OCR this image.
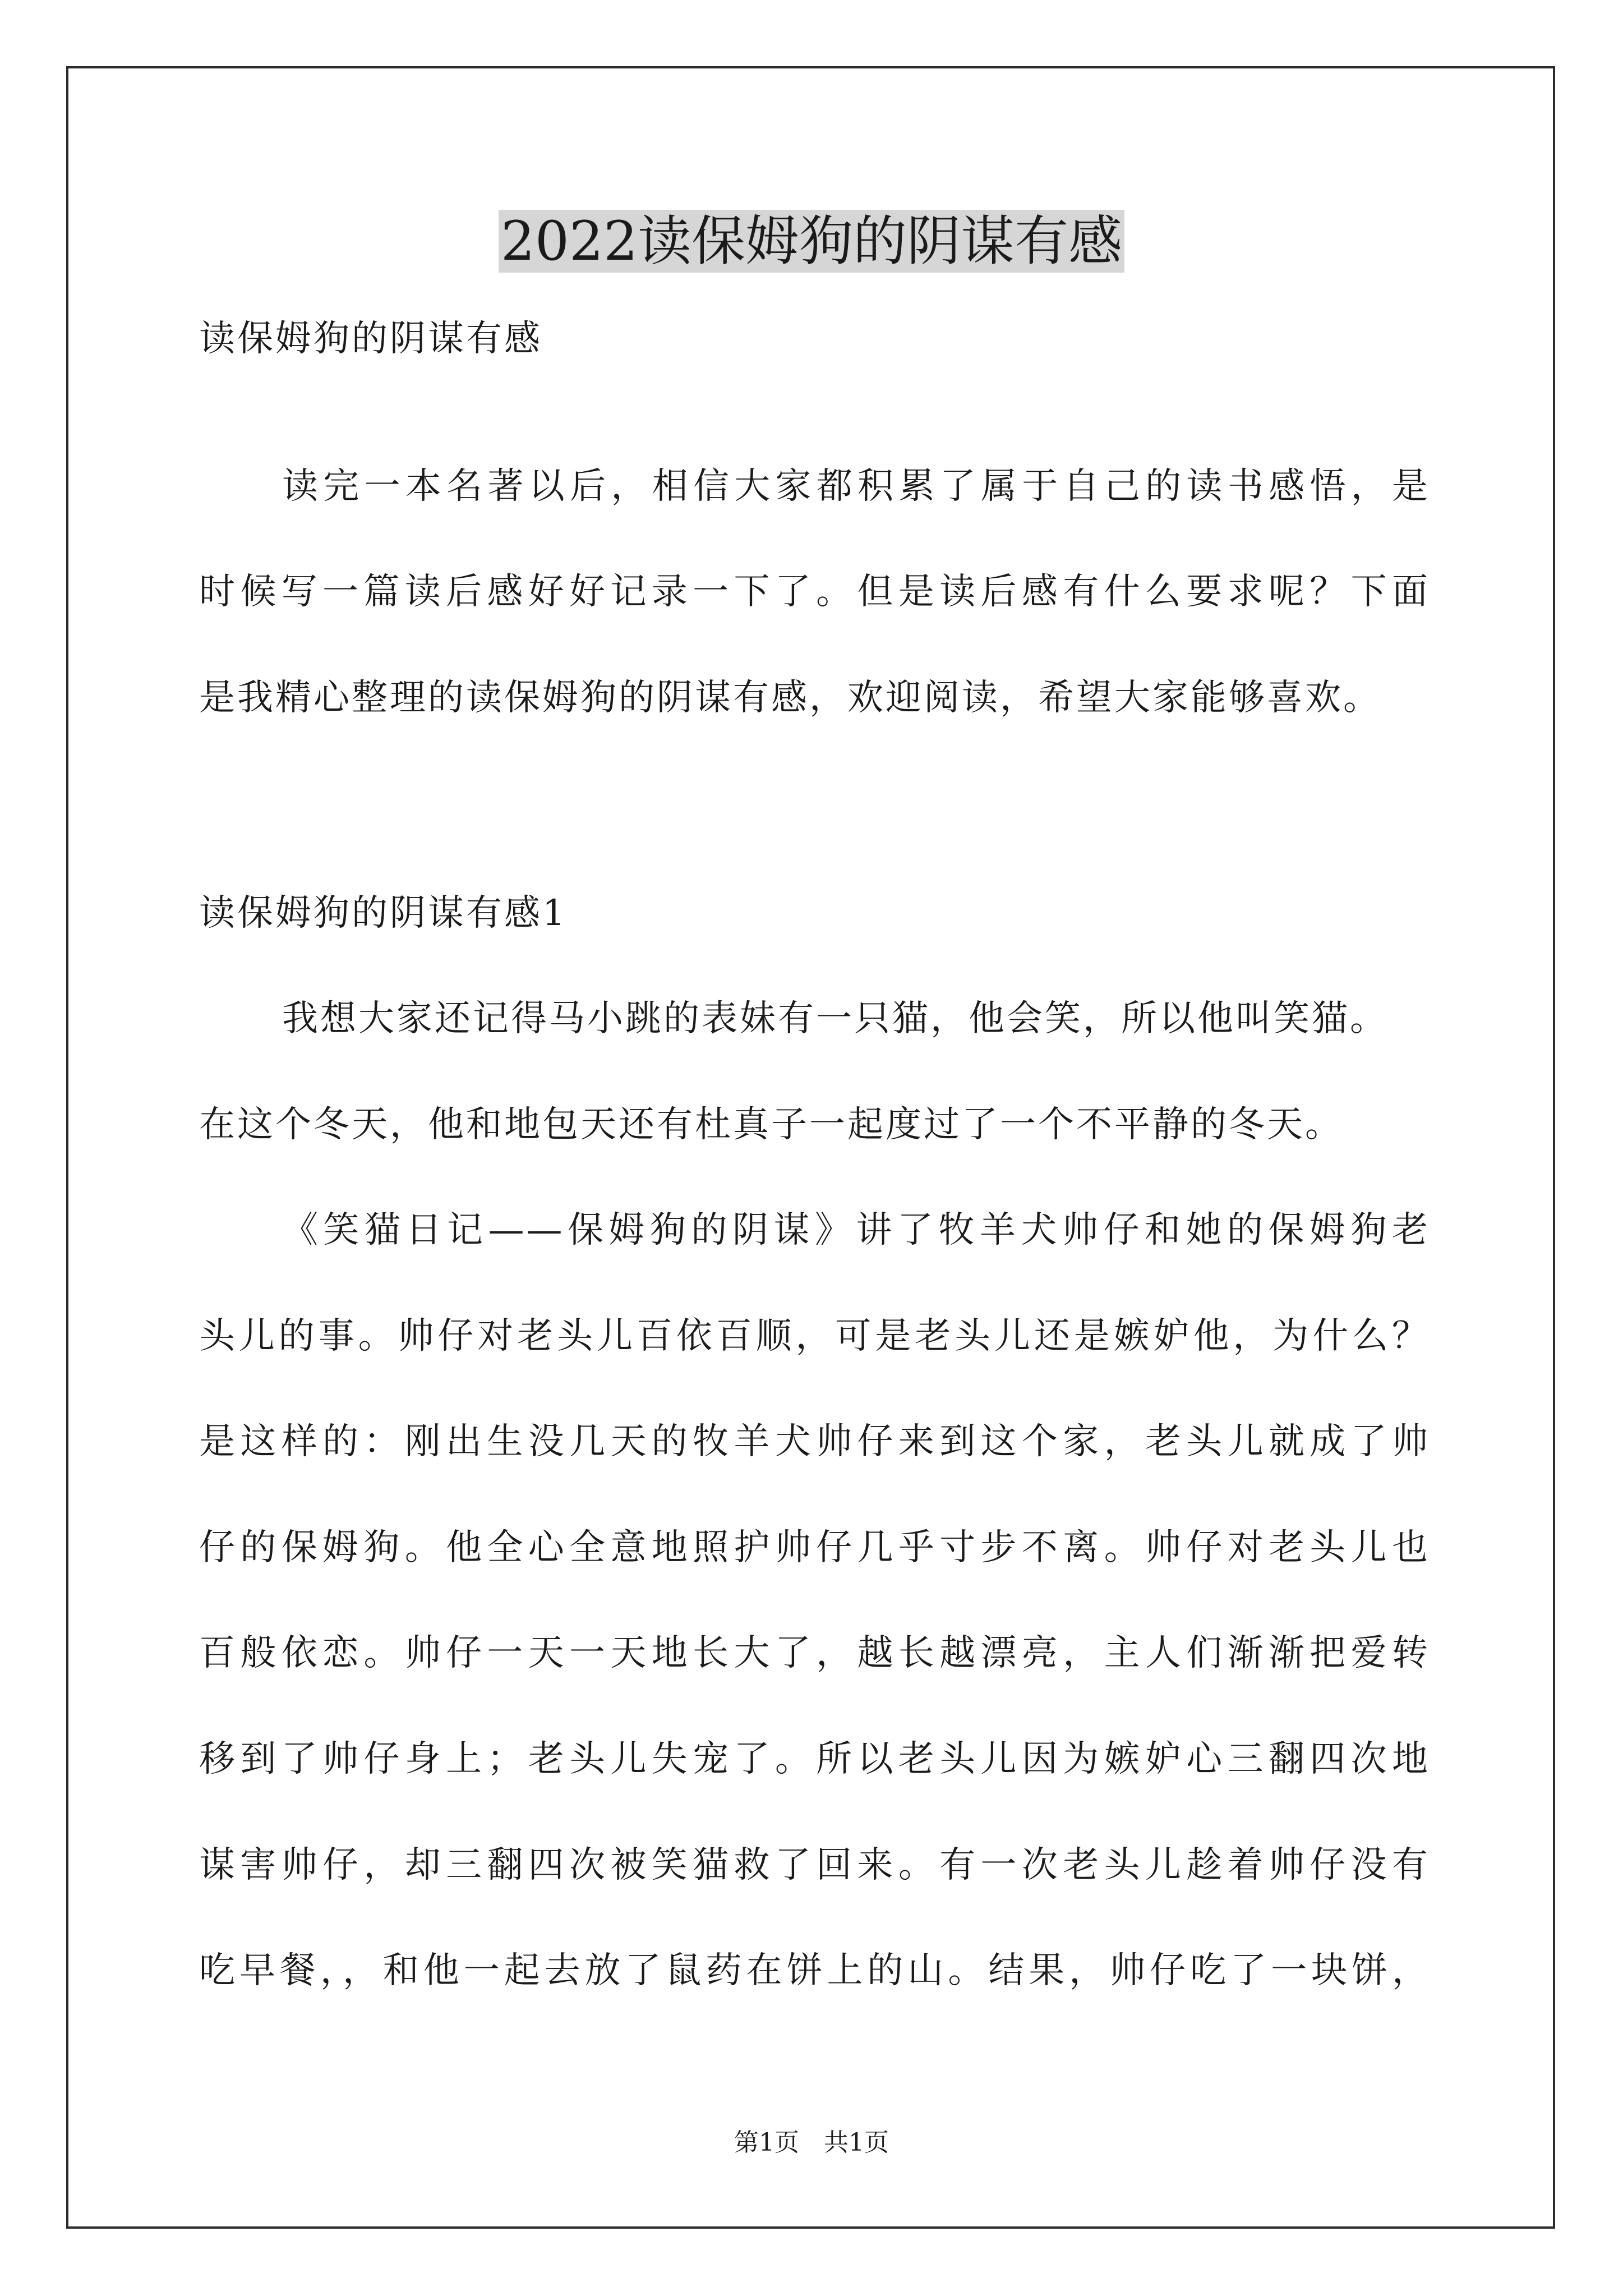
2022读保姆狗的阴谋有感
读保姆狗的阴谋有感
读完一本名著以后，相信大家都积累了属于自己的读书感悟，是
时候写一篇读后感好好记录一下了。但是读后感有什么要求呢？下面
是我精心整理的读保姆狗的阴谋有感，欢迎阅读，希望大家能够喜欢。
读保姆狗的阴谋有感1
我想大家还记得马小跳的表妹有一只猫，他会笑，所以他叫笑猫。
在这个冬天，他和地包天还有杜真子一起度过了一个不平静的冬天。
《笑猫日记——保姆狗的阴谋》讲了牧羊犬帅仔和她的保姆狗老
头儿的事。帅仔对老头儿百依百顺，可是老头儿还是嫉妒他，为什么？
是这样的：刚出生没几天的牧羊犬帅仔来到这个家，老头儿就成了帅
仔的保姆狗。他全心全意地照护帅仔几乎寸步不离。帅仔对老头儿也
百般依恋。帅仔一天一天地长大了，越长越漂亮，主人们渐渐把爱转
移到了帅仔身上；老头儿失宠了。所以老头儿因为嫉妒心三翻四次地
谋害帅仔，却三翻四次被笑猫救了回来。有一次老头儿趁着帅仔没有
吃早餐，，和他一起去放了鼠药在饼上的山。结果，帅仔吃了一块饼，
第1页　共1页
